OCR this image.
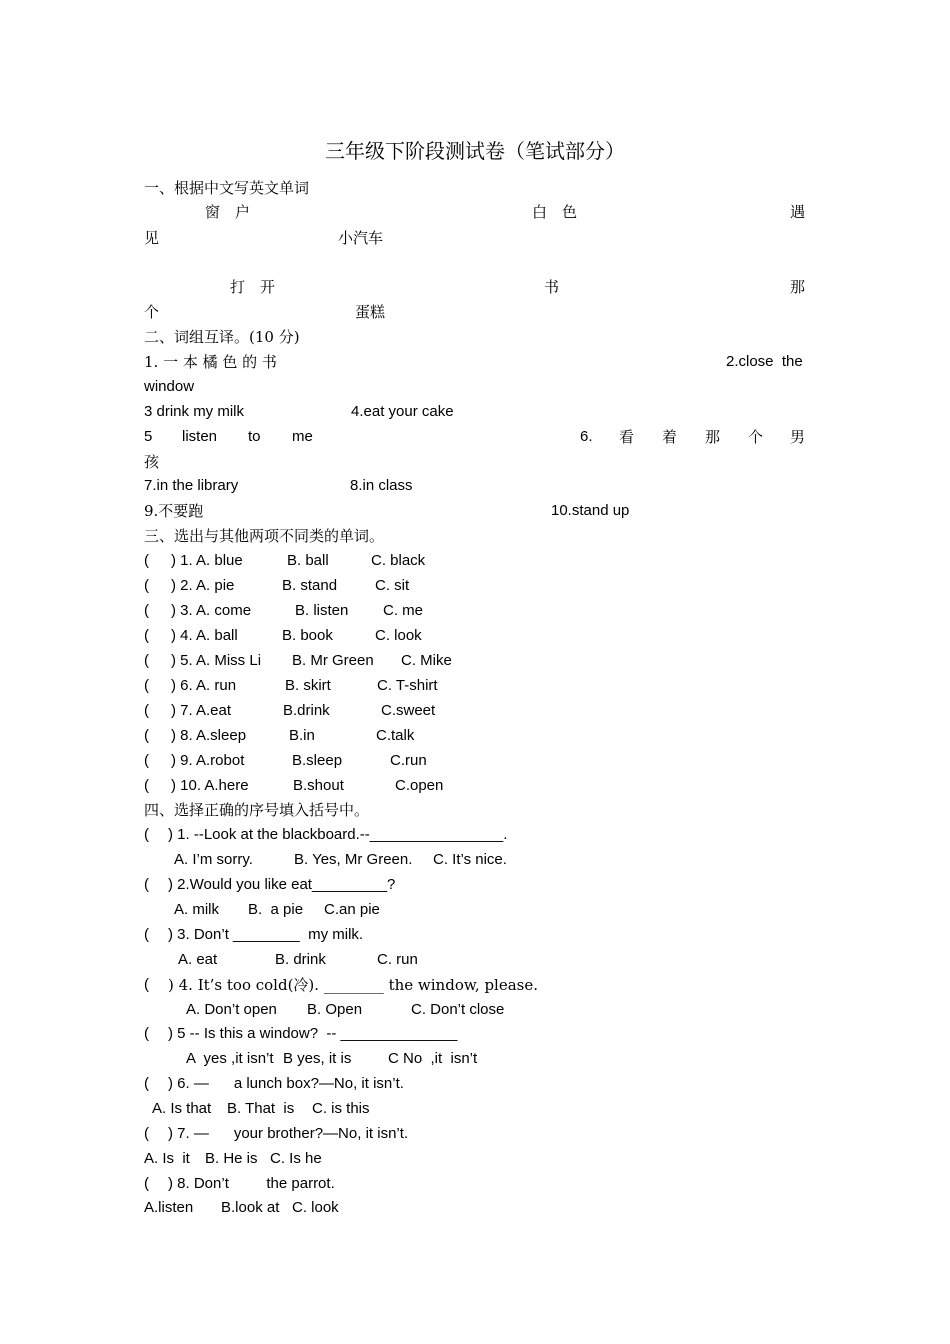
三年级下阶段测试卷（笔试部分）
一、根据中文写英文单词
窗　户	白　色	遇
见	小汽车
打　开	书	那
个	蛋糕
二、词组互译。(10 分)
1. 一 本 橘 色 的 书	2.close  the
window
3 drink my milk	4.eat your cake
5 listen to me	6. 看 着 那 个 男
孩
7.in the library	8.in class
9.不要跑	10.stand up
三、选出与其他两项不同类的单词。
( ) 1. A. blue	B. ball	C. black
( ) 2. A. pie	B. stand	C. sit
( ) 3. A. come	B. listen C. me
( ) 4. A. ball	B. book	C. look
( ) 5. A. Miss Li B. Mr Green C. Mike
( ) 6. A. run	B. skirt	C. T-shirt
( ) 7. A.eat	B.drink	C.sweet
( ) 8. A.sleep	B.in	C.talk
( ) 9. A.robot	B.sleep	C.run
( ) 10. A.here	B.shout	C.open
四、选择正确的序号填入括号中。
( ) 1. --Look at the blackboard.--________________.
A. I’m sorry.	B. Yes, Mr Green. C. It’s nice.
( ) 2.Would you like eat_________?
A. milk B.  a pie C.an pie
( ) 3. Don’t ________  my milk.
A. eat	B. drink	C. run
( ) 4. It’s too cold(冷). ________ the window, please.
A. Don’t open B. Open	C. Don’t close
( ) 5 -- Is this a window?  -- ______________
A  yes ,it isn’t B yes, it is C No  ,it  isn’t
( ) 6. —      a lunch box?—No, it isn’t.
A. Is that B. That  is C. is this
( ) 7. —      your brother?—No, it isn’t.
A. Is  it B. He is C. Is he
( ) 8. Don’t         the parrot.
A.listen B.look at C. look
